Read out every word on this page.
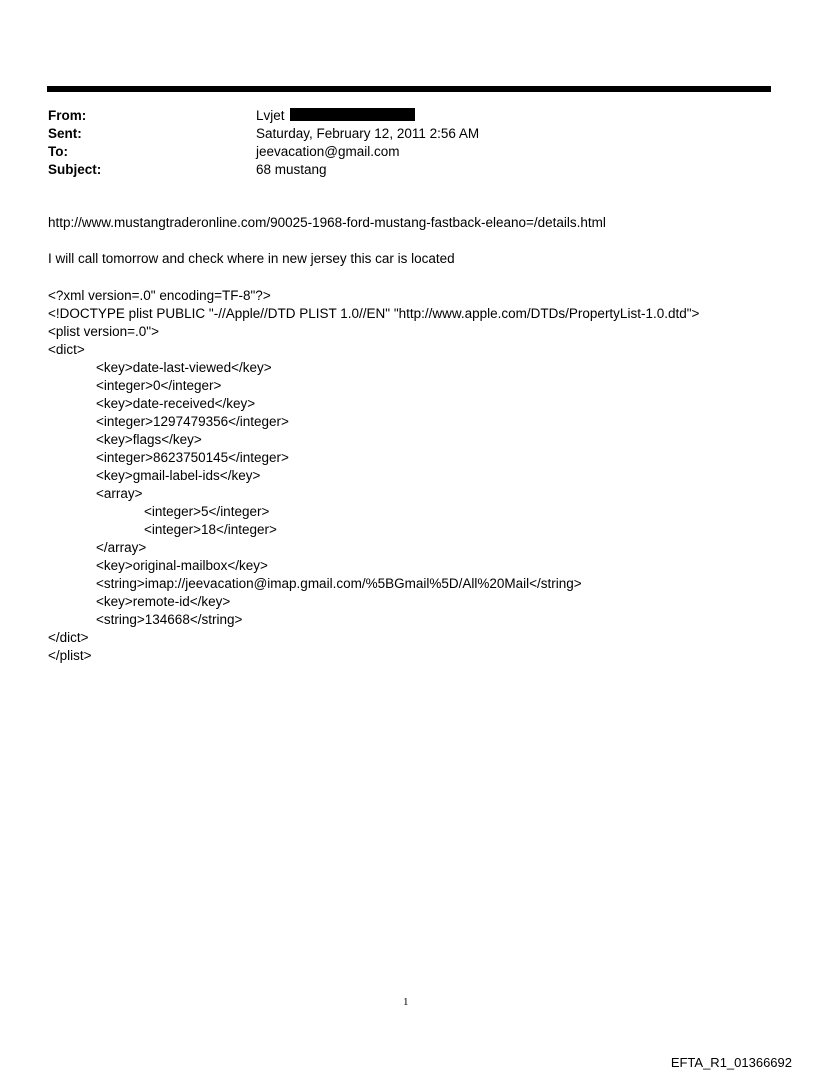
From:	Lvjet
Sent:	Saturday, February 12, 2011 2:56 AM
To:	jeevacation@gmail.com
Subject:	68 mustang
http://www.mustangtraderonline.com/90025-1968-ford-mustang-fastback-eleano=/details.html
I will call tomorrow and check where in new jersey this car is located
<?xml version=.0" encoding=TF-8"?>
<!DOCTYPE plist PUBLIC "-//Apple//DTD PLIST 1.0//EN" "http://www.apple.com/DTDs/PropertyList-1.0.dtd">
<plist version=.0">
<dict>
<key>date-last-viewed</key>
<integer>0</integer>
<key>date-received</key>
<integer>1297479356</integer>
<key>flags</key>
<integer>8623750145</integer>
<key>gmail-label-ids</key>
<array>
<integer>5</integer>
<integer>18</integer>
</array>
<key>original-mailbox</key>
<string>imap://jeevacation@imap.gmail.com/%5BGmail%5D/All%20Mail</string>
<key>remote-id</key>
<string>134668</string>
</dict>
</plist>
1
EFTA_R1_01366692
